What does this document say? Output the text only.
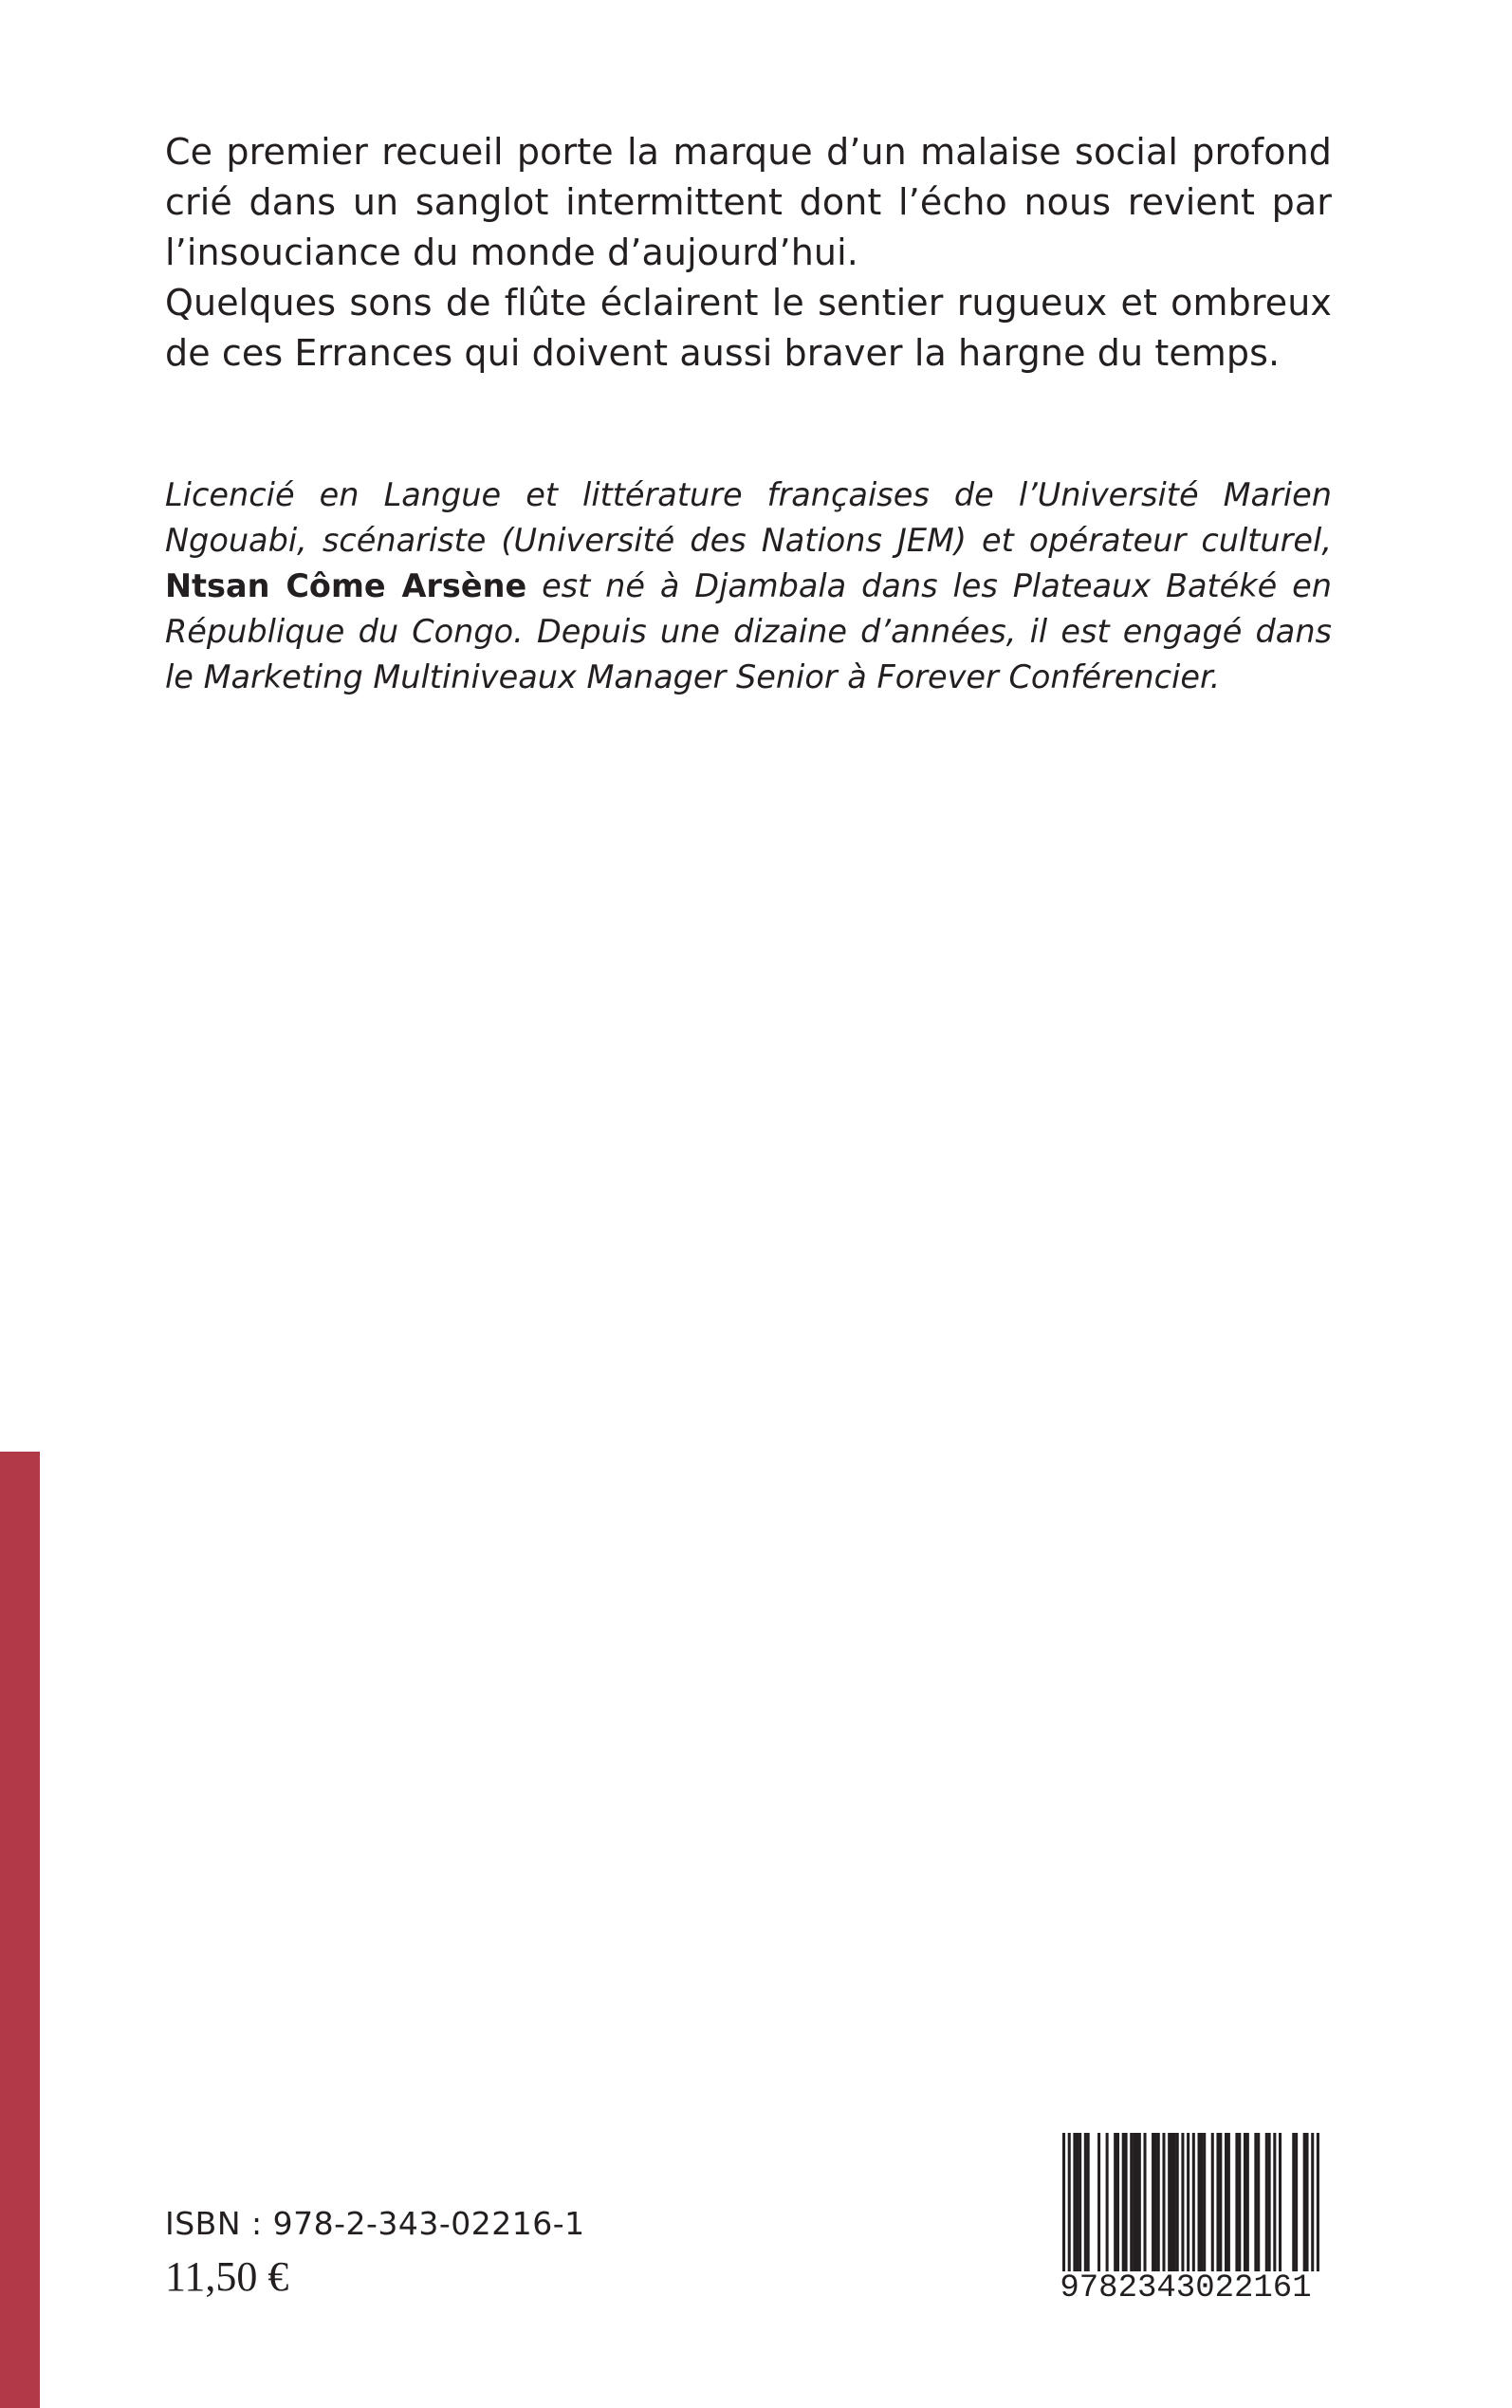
Ce premier recueil porte la marque d’un malaise social profond crié dans un sanglot intermittent dont l’écho nous revient par l’insouciance du monde d’aujourd’hui.

Quelques sons de flûte éclairent le sentier rugueux et ombreux de ces Errances qui doivent aussi braver la hargne du temps.

Licencié en Langue et littérature françaises de l’Université Marien Ngouabi, scénariste (Université des Nations JEM) et opérateur culturel, Ntsan Côme Arsène est né à Djambala dans les Plateaux Batéké en République du Congo. Depuis une dizaine d’années, il est engagé dans le Marketing Multiniveaux Manager Senior à Forever Conférencier.

ISBN : 978-2-343-02216-1
11,50 €	9782343022161
